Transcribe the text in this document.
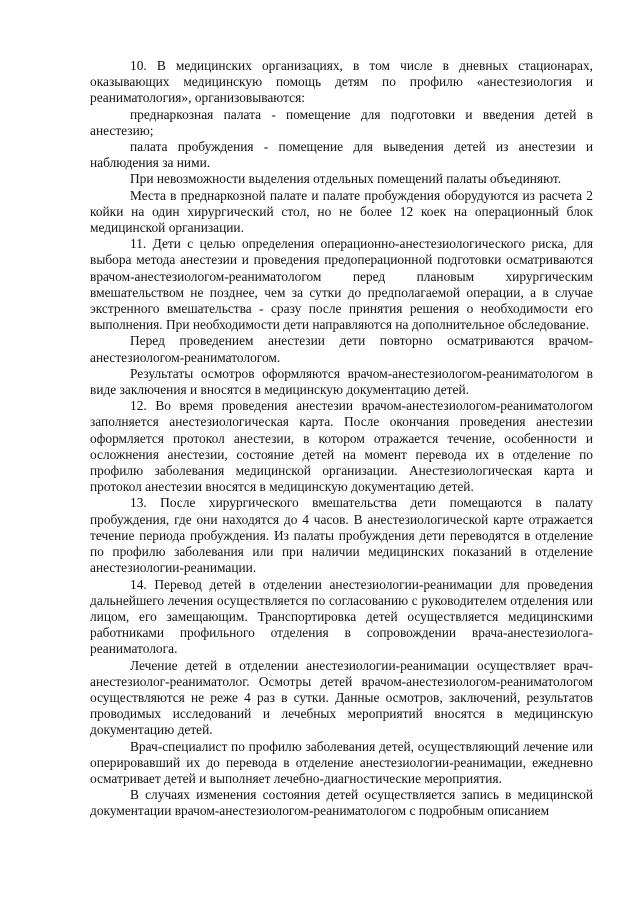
10. В медицинских организациях, в том числе в дневных стационарах, оказывающих медицинскую помощь детям по профилю «анестезиология и реаниматология», организовываются:

преднаркозная палата - помещение для подготовки и введения детей в анестезию;

палата пробуждения - помещение для выведения детей из анестезии и наблюдения за ними.

При невозможности выделения отдельных помещений палаты объединяют.

Места в преднаркозной палате и палате пробуждения оборудуются из расчета 2 койки на один хирургический стол, но не более 12 коек на операционный блок медицинской организации.

11. Дети с целью определения операционно-анестезиологического риска, для выбора метода анестезии и проведения предоперационной подготовки осматриваются врачом-анестезиологом-реаниматологом перед плановым хирургическим вмешательством не позднее, чем за сутки до предполагаемой операции, а в случае экстренного вмешательства - сразу после принятия решения о необходимости его выполнения. При необходимости дети направляются на дополнительное обследование.

Перед проведением анестезии дети повторно осматриваются врачом-анестезиологом-реаниматологом.

Результаты осмотров оформляются врачом-анестезиологом-реаниматологом в виде заключения и вносятся в медицинскую документацию детей.

12. Во время проведения анестезии врачом-анестезиологом-реаниматологом заполняется анестезиологическая карта. После окончания проведения анестезии оформляется протокол анестезии, в котором отражается течение, особенности и осложнения анестезии, состояние детей на момент перевода их в отделение по профилю заболевания медицинской организации. Анестезиологическая карта и протокол анестезии вносятся в медицинскую документацию детей.

13. После хирургического вмешательства дети помещаются в палату пробуждения, где они находятся до 4 часов. В анестезиологической карте отражается течение периода пробуждения. Из палаты пробуждения дети переводятся в отделение по профилю заболевания или при наличии медицинских показаний в отделение анестезиологии-реанимации.

14. Перевод детей в отделении анестезиологии-реанимации для проведения дальнейшего лечения осуществляется по согласованию с руководителем отделения или лицом, его замещающим. Транспортировка детей осуществляется медицинскими работниками профильного отделения в сопровождении врача-анестезиолога-реаниматолога.

Лечение детей в отделении анестезиологии-реанимации осуществляет врач-анестезиолог-реаниматолог. Осмотры детей врачом-анестезиологом-реаниматологом осуществляются не реже 4 раз в сутки. Данные осмотров, заключений, результатов проводимых исследований и лечебных мероприятий вносятся в медицинскую документацию детей.

Врач-специалист по профилю заболевания детей, осуществляющий лечение или оперировавший их до перевода в отделение анестезиологии-реанимации, ежедневно осматривает детей и выполняет лечебно-диагностические мероприятия.

В случаях изменения состояния детей осуществляется запись в медицинской документации врачом-анестезиологом-реаниматологом с подробным описанием
